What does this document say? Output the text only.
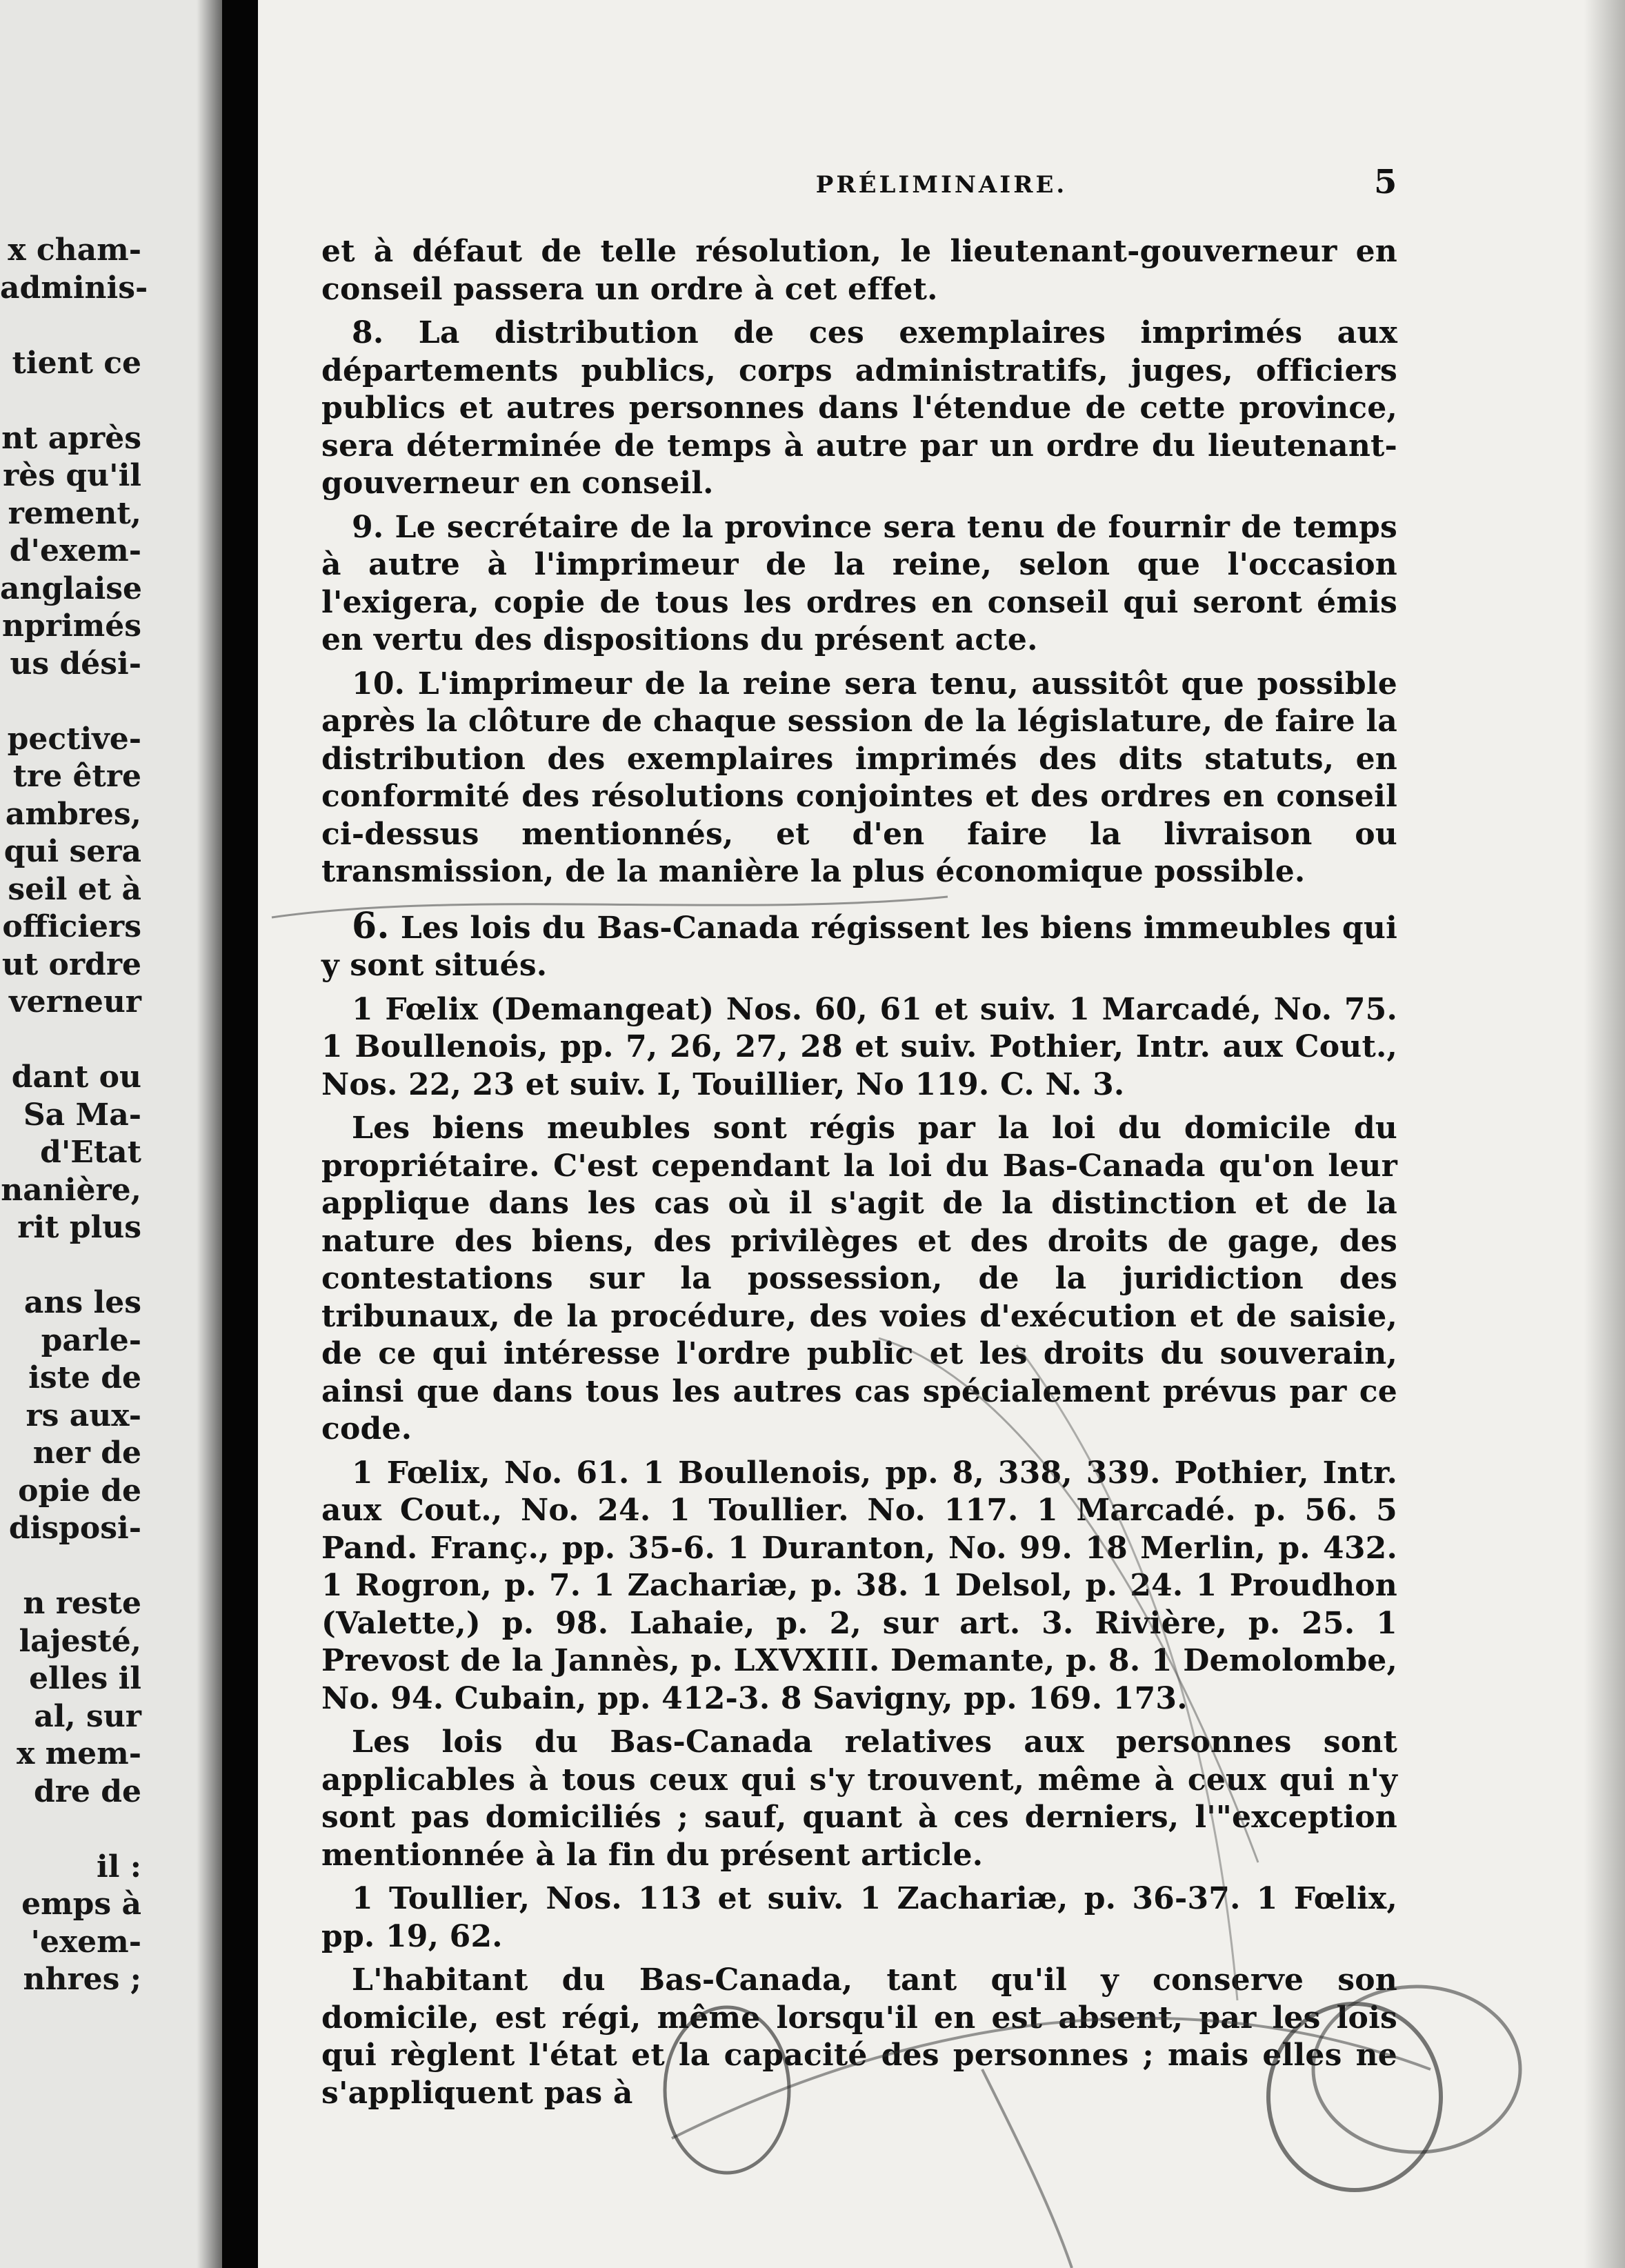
x cham-
adminis-
tient ce
nt après
rès qu'il
rement,
d'exem-
anglaise
nprimés
us dési-
pective-
tre être
ambres,
qui sera
seil et à
officiers
ut ordre
verneur
dant ou
Sa Ma-
d'Etat
nanière,
rit plus
ans les
parle-
iste de
rs aux-
ner de
opie de
disposi-
n reste
lajesté,
elles il
al, sur
x mem-
dre de
il :
emps à
'exem-
nhres ;
PRÉLIMINAIRE.	5

et à défaut de telle résolution, le lieutenant-gouverneur en conseil passera un ordre à cet effet.

8. La distribution de ces exemplaires imprimés aux départements publics, corps administratifs, juges, officiers publics et autres personnes dans l'étendue de cette province, sera déterminée de temps à autre par un ordre du lieutenant-gouverneur en conseil.

9. Le secrétaire de la province sera tenu de fournir de temps à autre à l'imprimeur de la reine, selon que l'occasion l'exigera, copie de tous les ordres en conseil qui seront émis en vertu des dispositions du présent acte.

10. L'imprimeur de la reine sera tenu, aussitôt que possible après la clôture de chaque session de la législature, de faire la distribution des exemplaires imprimés des dits statuts, en conformité des résolutions conjointes et des ordres en conseil ci-dessus mentionnés, et d'en faire la livraison ou transmission, de la manière la plus économique possible.

6. Les lois du Bas-Canada régissent les biens immeubles qui y sont situés.

1 Fœlix (Demangeat) Nos. 60, 61 et suiv. 1 Marcadé, No. 75. 1 Boullenois, pp. 7, 26, 27, 28 et suiv. Pothier, Intr. aux Cout., Nos. 22, 23 et suiv. I, Touillier, No 119. C. N. 3.

Les biens meubles sont régis par la loi du domicile du propriétaire. C'est cependant la loi du Bas-Canada qu'on leur applique dans les cas où il s'agit de la distinction et de la nature des biens, des privilèges et des droits de gage, des contestations sur la possession, de la juridiction des tribunaux, de la procédure, des voies d'exécution et de saisie, de ce qui intéresse l'ordre public et les droits du souverain, ainsi que dans tous les autres cas spécialement prévus par ce code.

1 Fœlix, No. 61. 1 Boullenois, pp. 8, 338, 339. Pothier, Intr. aux Cout., No. 24. 1 Toullier. No. 117. 1 Marcadé. p. 56. 5 Pand. Franç., pp. 35-6. 1 Duranton, No. 99. 18 Merlin, p. 432. 1 Rogron, p. 7. 1 Zachariæ, p. 38. 1 Delsol, p. 24. 1 Proudhon (Valette,) p. 98. Lahaie, p. 2, sur art. 3. Rivière, p. 25. 1 Prevost de la Jannès, p. LXVXIII. Demante, p. 8. 1 Demolombe, No. 94. Cubain, pp. 412-3. 8 Savigny, pp. 169. 173.

Les lois du Bas-Canada relatives aux personnes sont applicables à tous ceux qui s'y trouvent, même à ceux qui n'y sont pas domiciliés ; sauf, quant à ces derniers, l'"exception mentionnée à la fin du présent article.

1 Toullier, Nos. 113 et suiv. 1 Zachariæ, p. 36-37. 1 Fœlix, pp. 19, 62.

L'habitant du Bas-Canada, tant qu'il y conserve son domicile, est régi, même lorsqu'il en est absent, par les lois qui règlent l'état et la capacité des personnes ; mais elles ne s'appliquent pas à
